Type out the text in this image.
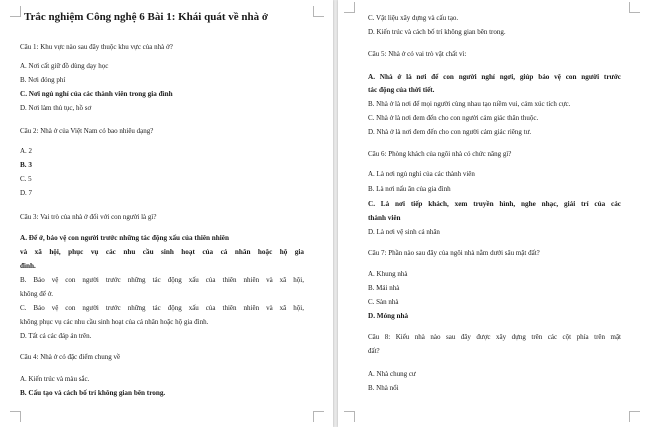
Trắc nghiệm Công nghệ 6 Bài 1: Khái quát về nhà ở
Câu 1: Khu vực nào sau đây thuộc khu vực của nhà ở?
A. Nơi cất giữ đồ dùng dạy học
B. Nơi đóng phí
C. Nơi ngủ nghỉ của các thành viên trong gia đình
D. Nơi làm thủ tục, hồ sơ
Câu 2: Nhà ở của Việt Nam có bao nhiêu dạng?
A. 2
B. 3
C. 5
D. 7
Câu 3: Vai trò của nhà ở đối với con người là gì?
A. Để ở, bảo vệ con người trước những tác động xấu của thiên nhiên
và xã hội, phục vụ các nhu cầu sinh hoạt của cá nhân hoặc hộ gia
đình.
B. Bảo vệ con người trước những tác động xấu của thiên nhiên và xã hội,
không để ở.
C. Bảo vệ con người trước những tác động xấu của thiên nhiên và xã hội,
không phục vụ các nhu cầu sinh hoạt của cá nhân hoặc hộ gia đình.
D. Tất cả các đáp án trên.
Câu 4: Nhà ở có đặc điểm chung về
A. Kiến trúc và màu sắc.
B. Cấu tạo và cách bố trí không gian bên trong.
C. Vật liệu xây dựng và cấu tạo.
D. Kiến trúc và cách bố trí không gian bên trong.
Câu 5: Nhà ở có vai trò vật chất vì:
A. Nhà ở là nơi để con người nghỉ ngơi, giúp bảo vệ con người trước
tác động của thời tiết.
B. Nhà ở là nơi để mọi người cùng nhau tạo niềm vui, cảm xúc tích cực.
C. Nhà ở là nơi đem đến cho con người cảm giác thân thuộc.
D. Nhà ở là nơi đem đến cho con người cảm giác riêng tư.
Câu 6: Phòng khách của ngôi nhà có chức năng gì?
A. Là nơi ngủ nghỉ của các thành viên
B. Là nơi nấu ăn của gia đình
C. Là nơi tiếp khách, xem truyền hình, nghe nhạc, giải trí của các
thành viên
D. Là nơi vệ sinh cá nhân
Câu 7: Phần nào sau đây của ngôi nhà nằm dưới sâu mặt đất?
A. Khung nhà
B. Mái nhà
C. Sàn nhà
D. Móng nhà
Câu 8: Kiểu nhà nào sau đây được xây dựng trên các cột phía trên mặt
đất?
A. Nhà chung cư
B. Nhà nổi
